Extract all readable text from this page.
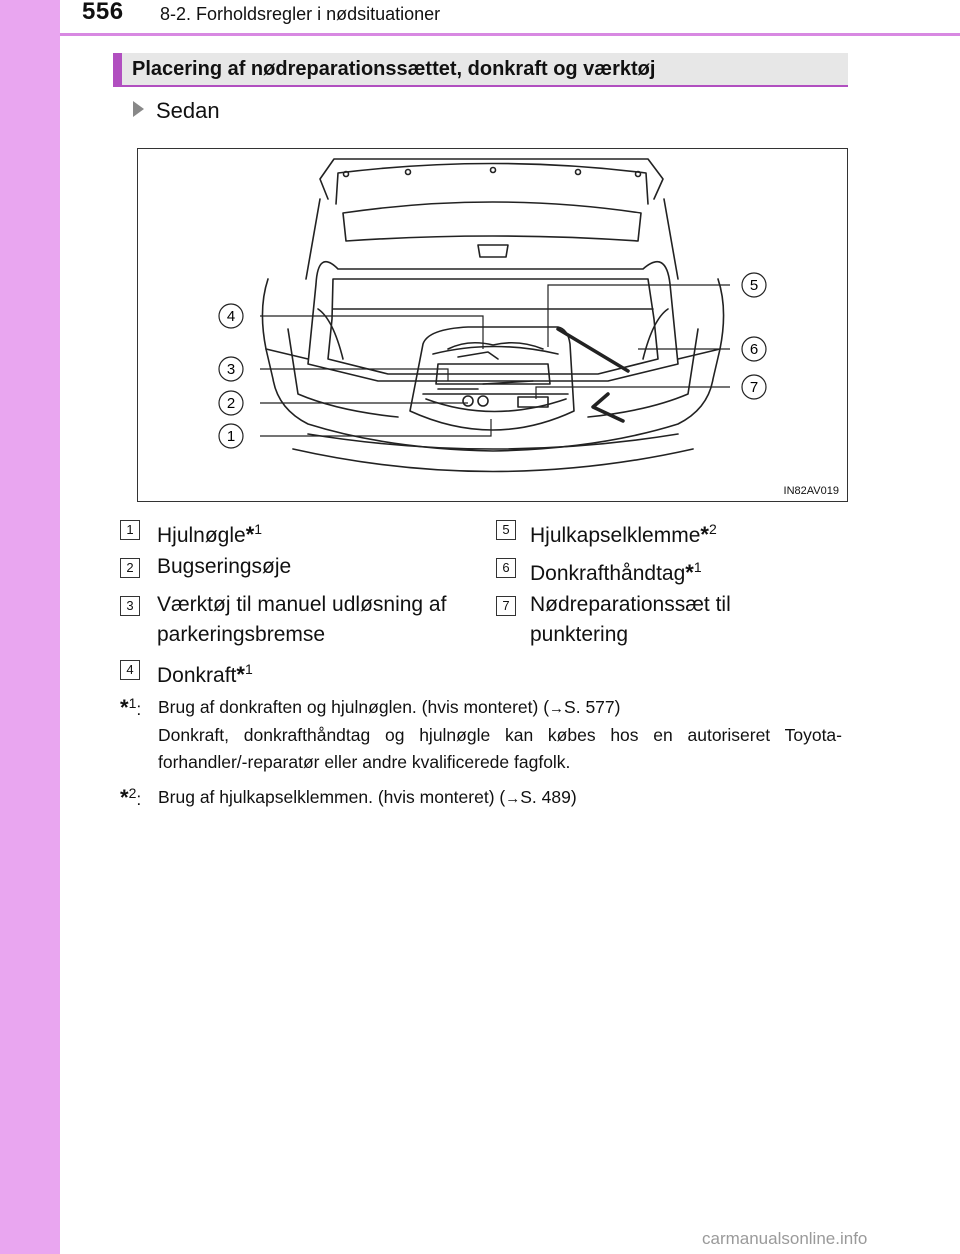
556 8-2. Forholdsregler i nødsituationer
Placering af nødreparationssættet, donkraft og værktøj
Sedan
4
3
2
1
5
6
7
IN82AV019
1	Hjulnøgle*$^1$
2	Bugseringsøje
3	Værktøj til manuel udløsning af
parkeringsbremse
4	Donkraft*$^1$
5 Hjulkapselklemme*$^2$
6 Donkrafthåndtag*$^1$
7 Nødreparationssæt til
punktering
*$^1$: Brug af donkraften og hjulnøglen. (hvis monteret) (→S. 577)
Donkraft, donkrafthåndtag og hjulnøgle kan købes hos en autoriseret Toyota-forhandler/-reparatør eller andre kvalificerede fagfolk.
*$^2$: Brug af hjulkapselklemmen. (hvis monteret) (→S. 489)
carmanualsonline.info
